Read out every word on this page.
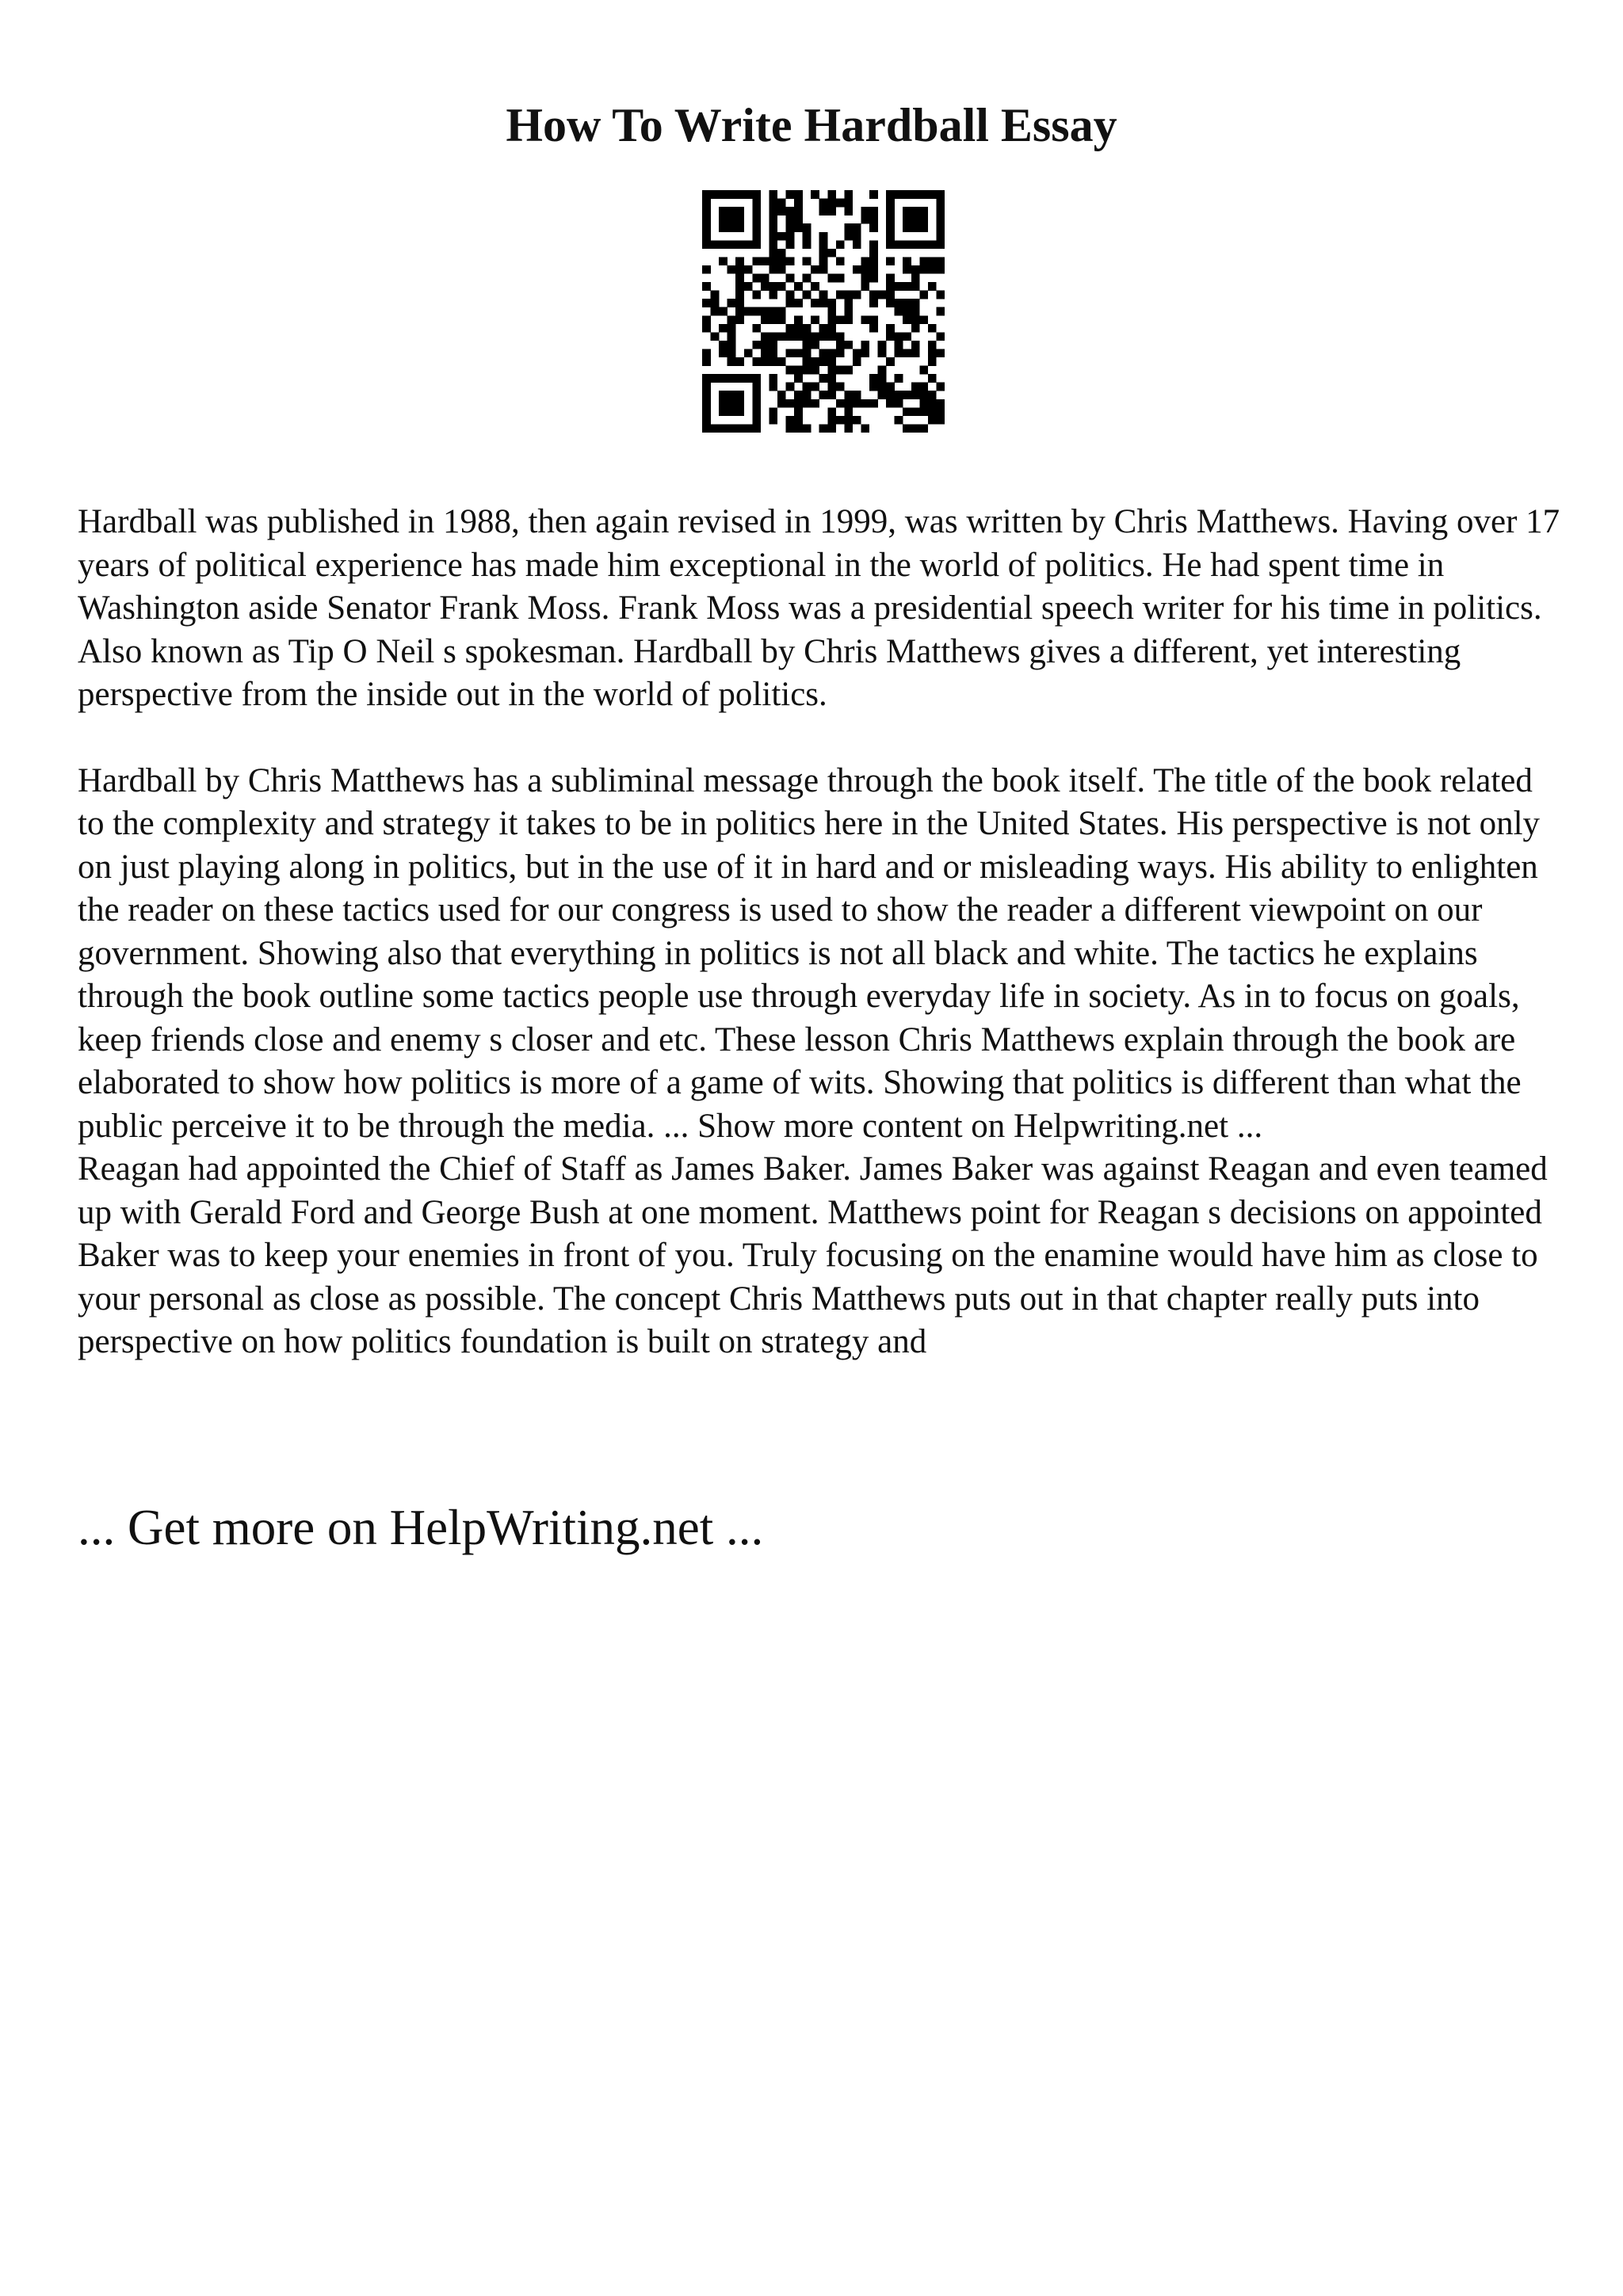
How To Write Hardball Essay

Hardball was published in 1988, then again revised in 1999, was written by Chris Matthews. Having over 17 years of political experience has made him exceptional in the world of politics. He had spent time in Washington aside Senator Frank Moss. Frank Moss was a presidential speech writer for his time in politics. Also known as Tip O Neil s spokesman. Hardball by Chris Matthews gives a different, yet interesting perspective from the inside out in the world of politics.

Hardball by Chris Matthews has a subliminal message through the book itself. The title of the book related to the complexity and strategy it takes to be in politics here in the United States. His perspective is not only on just playing along in politics, but in the use of it in hard and or misleading ways. His ability to enlighten the reader on these tactics used for our congress is used to show the reader a different viewpoint on our government. Showing also that everything in politics is not all black and white. The tactics he explains through the book outline some tactics people use through everyday life in society. As in to focus on goals, keep friends close and enemy s closer and etc. These lesson Chris Matthews explain through the book are elaborated to show how politics is more of a game of wits. Showing that politics is different than what the public perceive it to be through the media. ... Show more content on Helpwriting.net ...

Reagan had appointed the Chief of Staff as James Baker. James Baker was against Reagan and even teamed up with Gerald Ford and George Bush at one moment. Matthews point for Reagan s decisions on appointed Baker was to keep your enemies in front of you. Truly focusing on the enamine would have him as close to your personal as close as possible. The concept Chris Matthews puts out in that chapter really puts into perspective on how politics foundation is built on strategy and

... Get more on HelpWriting.net ...
